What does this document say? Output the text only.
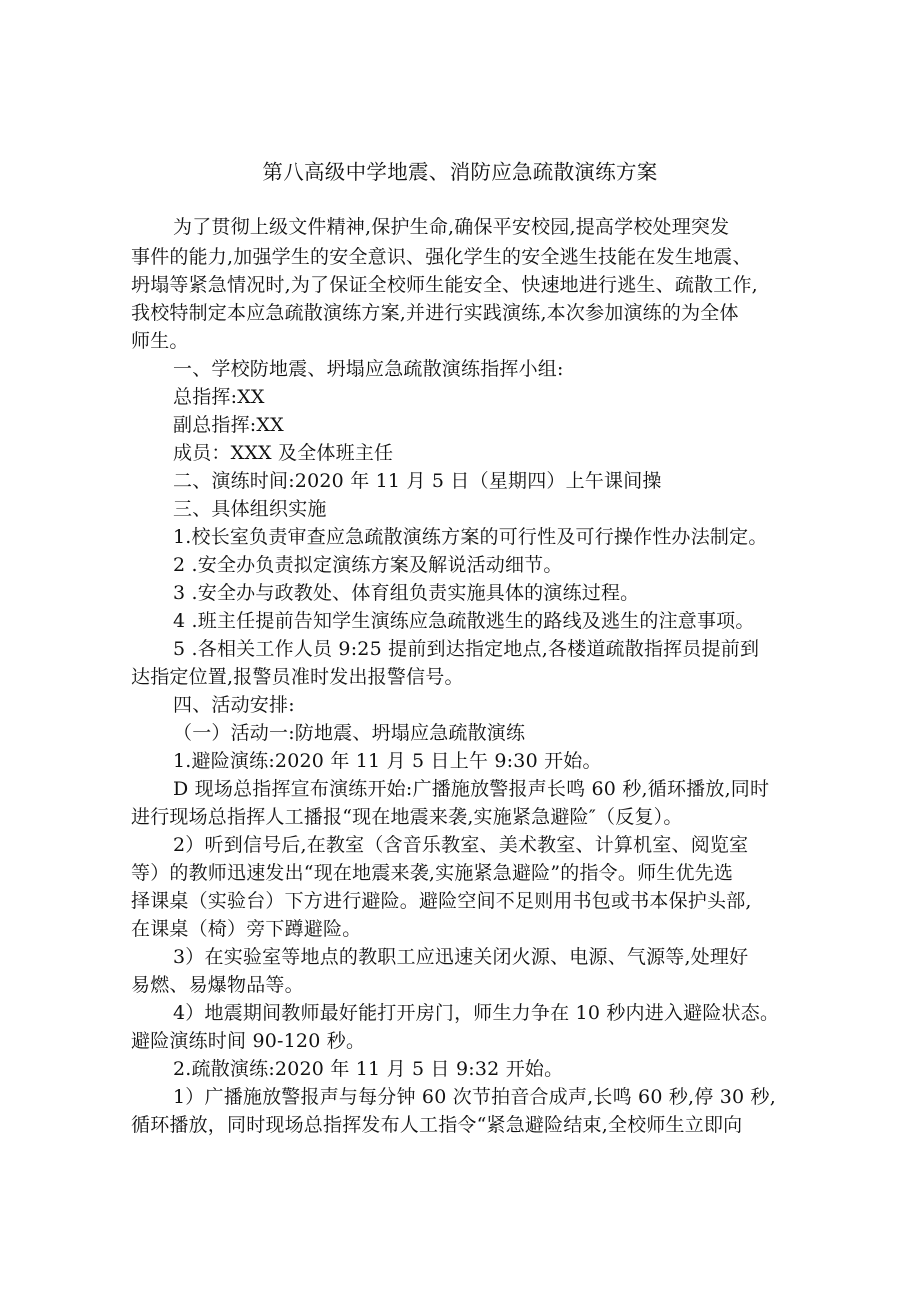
第八高级中学地震、消防应急疏散演练方案
为了贯彻上级文件精神,保护生命,确保平安校园,提高学校处理突发
事件的能力,加强学生的安全意识、强化学生的安全逃生技能在发生地震、
坍塌等紧急情况时,为了保证全校师生能安全、快速地进行逃生、疏散工作,
我校特制定本应急疏散演练方案,并进行实践演练,本次参加演练的为全体
师生。
一、学校防地震、坍塌应急疏散演练指挥小组:
总指挥:XX
副总指挥:XX
成员：XXX 及全体班主任
二、演练时间:2020 年 11 月 5 日（星期四）上午课间操
三、具体组织实施
1.校长室负责审查应急疏散演练方案的可行性及可行操作性办法制定。
2 .安全办负责拟定演练方案及解说活动细节。
3 .安全办与政教处、体育组负责实施具体的演练过程。
4 .班主任提前告知学生演练应急疏散逃生的路线及逃生的注意事项。
5 .各相关工作人员 9:25 提前到达指定地点,各楼道疏散指挥员提前到
达指定位置,报警员准时发出报警信号。
四、活动安排:
（一）活动一:防地震、坍塌应急疏散演练
1.避险演练:2020 年 11 月 5 日上午 9:30 开始。
D 现场总指挥宣布演练开始:广播施放警报声长鸣 60 秒,循环播放,同时
进行现场总指挥人工播报“现在地震来袭,实施紧急避险″（反复）。
2）听到信号后,在教室（含音乐教室、美术教室、计算机室、阅览室
等）的教师迅速发出“现在地震来袭,实施紧急避险”的指令。师生优先选
择课桌（实验台）下方进行避险。避险空间不足则用书包或书本保护头部,
在课桌（椅）旁下蹲避险。
3）在实验室等地点的教职工应迅速关闭火源、电源、气源等,处理好
易燃、易爆物品等。
4）地震期间教师最好能打开房门，师生力争在 10 秒内进入避险状态。
避险演练时间 90-120 秒。
2.疏散演练:2020 年 11 月 5 日 9:32 开始。
1）广播施放警报声与每分钟 60 次节拍音合成声,长鸣 60 秒,停 30 秒,
循环播放，同时现场总指挥发布人工指令“紧急避险结束,全校师生立即向
